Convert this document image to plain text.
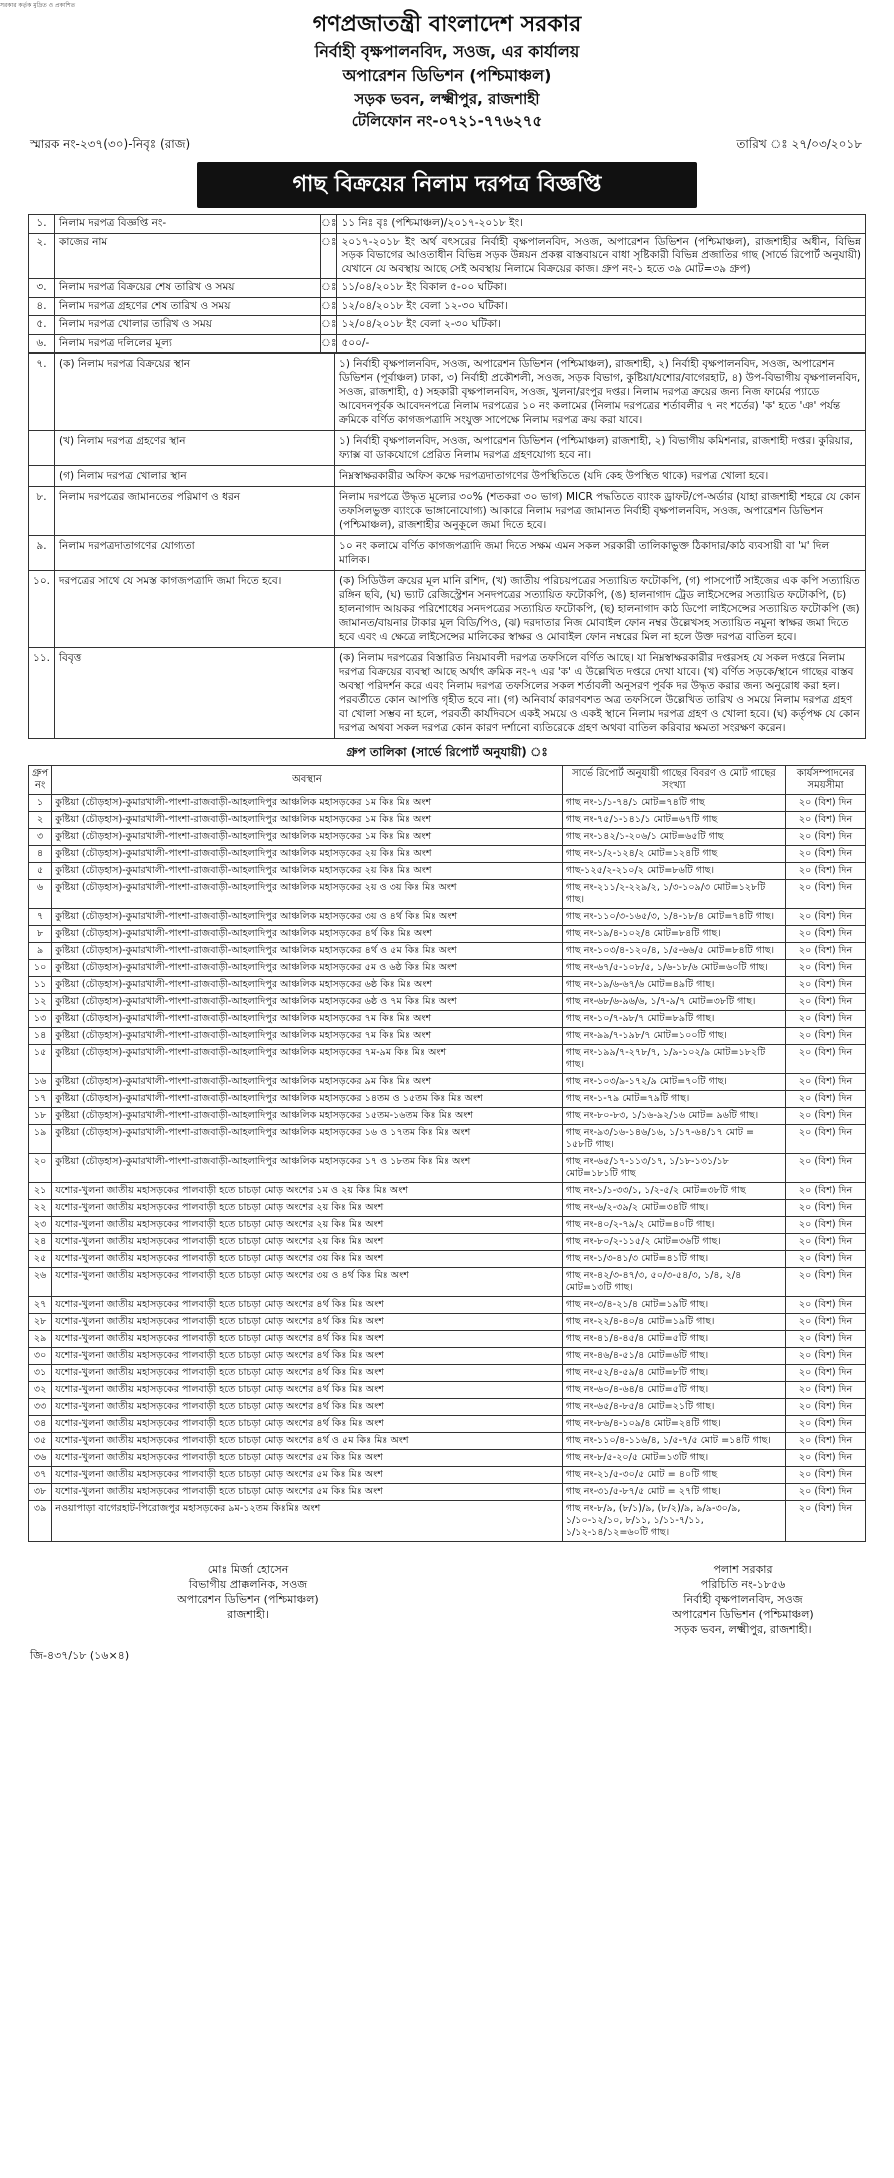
সরকার কর্তৃক মুদ্রিত ও প্রকাশিত
গণপ্রজাতন্ত্রী বাংলাদেশ সরকার
নির্বাহী বৃক্ষপালনবিদ, সওজ, এর কার্যালয়
অপারেশন ডিভিশন (পশ্চিমাঞ্চল)
সড়ক ভবন, লক্ষ্মীপুর, রাজশাহী
টেলিফোন নং-০৭২১-৭৭৬২৭৫
স্মারক নং-২৩৭(৩০)-নিবৃঃ (রাজ)	তারিখ ঃ ২৭/০৩/২০১৮
গাছ বিক্রয়ের নিলাম দরপত্র বিজ্ঞপ্তি
১.	নিলাম দরপত্র বিজ্ঞপ্তি নং-	ঃ	১১ নিঃ বৃঃ (পশ্চিমাঞ্চল)/২০১৭-২০১৮ ইং।
২.	কাজের নাম	ঃ	২০১৭-২০১৮ ইং অর্থ বৎসরের নির্বাহী বৃক্ষপালনবিদ, সওজ, অপারেশন ডিভিশন (পশ্চিমাঞ্চল), রাজশাহীর অধীন, বিভিন্ন সড়ক বিভাগের আওতাধীন বিভিন্ন সড়ক উন্নয়ন প্রকল্প বাস্তবায়নে বাধা সৃষ্টিকারী বিভিন্ন প্রজাতির গাছ (সার্ভে রিপোর্ট অনুযায়ী) যেখানে যে অবস্থায় আছে সেই অবস্থায় নিলামে বিক্রয়ের কাজ। গ্রুপ নং-১ হতে ৩৯ মোট=৩৯ গ্রুপ)
৩.	নিলাম দরপত্র বিক্রয়ের শেষ তারিখ ও সময়	ঃ	১১/০৪/২০১৮ ইং বিকাল ৫-০০ ঘটিকা।
৪.	নিলাম দরপত্র গ্রহণের শেষ তারিখ ও সময়	ঃ	১২/০৪/২০১৮ ইং বেলা ১২-৩০ ঘটিকা।
৫.	নিলাম দরপত্র খোলার তারিখ ও সময়	ঃ	১২/০৪/২০১৮ ইং বেলা ২-৩০ ঘটিকা।
৬.	নিলাম দরপত্র দলিলের মূল্য	ঃ	৫০০/-
৭.	(ক) নিলাম দরপত্র বিক্রয়ের স্থান	১) নির্বাহী বৃক্ষপালনবিদ, সওজ, অপারেশন ডিভিশন (পশ্চিমাঞ্চল), রাজশাহী, ২) নির্বাহী বৃক্ষপালনবিদ, সওজ, অপারেশন ডিভিশন (পূর্বাঞ্চল) ঢাকা, ৩) নির্বাহী প্রকৌশলী, সওজ, সড়ক বিভাগ, কুষ্টিয়া/যশোর/বাগেরহাট, ৪) উপ-বিভাগীয় বৃক্ষপালনবিদ, সওজ, রাজশাহী, ৫) সহকারী বৃক্ষপালনবিদ, সওজ, খুলনা/রংপুর দপ্তর। নিলাম দরপত্র ক্রয়ের জন্য নিজ ফার্মের প্যাডে আবেদনপূর্বক আবেদনপত্রে নিলাম দরপত্রের ১০ নং কলামের (নিলাম দরপত্রের শর্তাবলীর ৭ নং শর্তের) 'ক' হতে 'ঞ' পর্যন্ত ক্রমিকে বর্ণিত কাগজপত্রাদি সংযুক্ত সাপেক্ষে নিলাম দরপত্র ক্রয় করা যাবে।
	(খ) নিলাম দরপত্র গ্রহণের স্থান	১) নির্বাহী বৃক্ষপালনবিদ, সওজ, অপারেশন ডিভিশন (পশ্চিমাঞ্চল) রাজশাহী, ২) বিভাগীয় কমিশনার, রাজশাহী দপ্তর। কুরিয়ার, ফ্যাক্স বা ডাকযোগে প্রেরিত নিলাম দরপত্র গ্রহণযোগ্য হবে না।
	(গ) নিলাম দরপত্র খোলার স্থান	নিম্নস্বাক্ষরকারীর অফিস কক্ষে দরপত্রদাতাগণের উপস্থিতিতে (যদি কেহ উপস্থিত থাকে) দরপত্র খোলা হবে।
৮.	নিলাম দরপত্রের জামানতের পরিমাণ ও ধরন	নিলাম দরপত্রে উদ্ধৃত মূল্যের ৩০% (শতকরা ৩০ ভাগ) MICR পদ্ধতিতে ব্যাংক ড্রাফট/পে-অর্ডার (যাহা রাজশাহী শহরে যে কোন তফসিলভুক্ত ব্যাংকে ভাঙ্গানোযোগ্য) আকারে নিলাম দরপত্র জামানত নির্বাহী বৃক্ষপালনবিদ, সওজ, অপারেশন ডিভিশন (পশ্চিমাঞ্চল), রাজশাহীর অনুকূলে জমা দিতে হবে।
৯.	নিলাম দরপত্রদাতাগণের যোগ্যতা	১০ নং কলামে বর্ণিত কাগজপত্রাদি জমা দিতে সক্ষম এমন সকল সরকারী তালিকাভুক্ত ঠিকাদার/কাঠ ব্যবসায়ী বা 'ম' দিল মালিক।
১০.	দরপত্রের সাথে যে সমস্ত কাগজপত্রাদি জমা দিতে হবে।	(ক) সিডিউল ক্রয়ের মূল মানি রশিদ, (খ) জাতীয় পরিচয়পত্রের সত্যায়িত ফটোকপি, (গ) পাসপোর্ট সাইজের এক কপি সত্যায়িত রঙ্গিন ছবি, (ঘ) ভ্যাট রেজিস্ট্রেশন সনদপত্রের সত্যায়িত ফটোকপি, (ঙ) হালনাগাদ ট্রেড লাইসেন্সের সত্যায়িত ফটোকপি, (চ) হালনাগাদ আয়কর পরিশোধের সনদপত্রের সত্যায়িত ফটোকপি, (ছ) হালনাগাদ কাঠ ডিপো লাইসেন্সের সত্যায়িত ফটোকপি (জ) জামানত/বায়নার টাকার মূল বিডি/পিও, (ঝ) দরদাতার নিজ মোবাইল ফোন নম্বর উল্লেখসহ সত্যায়িত নমুনা স্বাক্ষর জমা দিতে হবে এবং এ ক্ষেত্রে লাইসেন্সের মালিকের স্বাক্ষর ও মোবাইল ফোন নম্বরের মিল না হলে উক্ত দরপত্র বাতিল হবে।
১১.	বিবৃত্ত	(ক) নিলাম দরপত্রের বিস্তারিত নিয়মাবলী দরপত্র তফসিলে বর্ণিত আছে। যা নিম্নস্বাক্ষরকারীর দপ্তরসহ যে সকল দপ্তরে নিলাম দরপত্র বিক্রয়ের ব্যবস্থা আছে অর্থাৎ ক্রমিক নং-৭ এর 'ক' এ উল্লেখিত দপ্তরে দেখা যাবে। (খ) বর্ণিত সড়কে/স্থানে গাছের বাস্তব অবস্থা পরিদর্শন করে এবং নিলাম দরপত্র তফসিলের সকল শর্তাবলী অনুসরণ পূর্বক দর উদ্ধৃত করার জন্য অনুরোধ করা হল। পরবর্তীতে কোন আপত্তি গৃহীত হবে না। (গ) অনিবার্য কারণবশত অত্র তফসিলে উল্লেখিত তারিখ ও সময়ে নিলাম দরপত্র গ্রহণ বা খোলা সম্ভব না হলে, পরবর্তী কার্যদিবসে একই সময়ে ও একই স্থানে নিলাম দরপত্র গ্রহণ ও খোলা হবে। (ঘ) কর্তৃপক্ষ যে কোন দরপত্র অথবা সকল দরপত্র কোন কারণ দর্শানো ব্যতিরেকে গ্রহণ অথবা বাতিল করিবার ক্ষমতা সংরক্ষণ করেন।
গ্রুপ তালিকা (সার্ভে রিপোর্ট অনুযায়ী) ঃ
গ্রুপ নং	অবস্থান	সার্ভে রিপোর্ট অনুযায়ী গাছের বিবরণ ও মোট গাছের সংখ্যা	কার্যসম্পাদনের সময়সীমা
১	কুষ্টিয়া (চৌড়হাস)-কুমারখালী-পাংশা-রাজবাড়ী-আহলাদিপুর আঞ্চলিক মহাসড়কের ১ম কিঃ মিঃ অংশ	গাছ নং-১/১-৭৪/১ মোট=৭৪টি গাছ	২০ (বিশ) দিন
২	কুষ্টিয়া (চৌড়হাস)-কুমারখালী-পাংশা-রাজবাড়ী-আহলাদিপুর আঞ্চলিক মহাসড়কের ১ম কিঃ মিঃ অংশ	গাছ নং-৭৫/১-১৪১/১ মোট=৬৭টি গাছ	২০ (বিশ) দিন
৩	কুষ্টিয়া (চৌড়হাস)-কুমারখালী-পাংশা-রাজবাড়ী-আহলাদিপুর আঞ্চলিক মহাসড়কের ১ম কিঃ মিঃ অংশ	গাছ নং-১৪২/১-২০৬/১ মোট=৬৫টি গাছ	২০ (বিশ) দিন
৪	কুষ্টিয়া (চৌড়হাস)-কুমারখালী-পাংশা-রাজবাড়ী-আহলাদিপুর আঞ্চলিক মহাসড়কের ২য় কিঃ মিঃ অংশ	গাছ নং-১/২-১২৪/২ মোট=১২৪টি গাছ	২০ (বিশ) দিন
৫	কুষ্টিয়া (চৌড়হাস)-কুমারখালী-পাংশা-রাজবাড়ী-আহলাদিপুর আঞ্চলিক মহাসড়কের ২য় কিঃ মিঃ অংশ	গাছ-১২৫/২-২১০/২ মোট=৮৬টি গাছ।	২০ (বিশ) দিন
৬	কুষ্টিয়া (চৌড়হাস)-কুমারখালী-পাংশা-রাজবাড়ী-আহলাদিপুর আঞ্চলিক মহাসড়কের ২য় ও ৩য় কিঃ মিঃ অংশ	গাছ নং-২১১/২-২২৯/২, ১/৩-১০৯/৩ মোট=১২৮টি গাছ।	২০ (বিশ) দিন
৭	কুষ্টিয়া (চৌড়হাস)-কুমারখালী-পাংশা-রাজবাড়ী-আহলাদিপুর আঞ্চলিক মহাসড়কের ৩য় ও ৪র্থ কিঃ মিঃ অংশ	গাছ নং-১১০/৩-১৬৫/৩, ১/৪-১৮/৪ মোট=৭৪টি গাছ।	২০ (বিশ) দিন
৮	কুষ্টিয়া (চৌড়হাস)-কুমারখালী-পাংশা-রাজবাড়ী-আহলাদিপুর আঞ্চলিক মহাসড়কের ৪র্থ কিঃ মিঃ অংশ	গাছ নং-১৯/৪-১০২/৪ মোট=৮৪টি গাছ।	২০ (বিশ) দিন
৯	কুষ্টিয়া (চৌড়হাস)-কুমারখালী-পাংশা-রাজবাড়ী-আহলাদিপুর আঞ্চলিক মহাসড়কের ৪র্থ ও ৫ম কিঃ মিঃ অংশ	গাছ নং-১০৩/৪-১২০/৪, ১/৫-৬৬/৫ মোট=৮৪টি গাছ।	২০ (বিশ) দিন
১০	কুষ্টিয়া (চৌড়হাস)-কুমারখালী-পাংশা-রাজবাড়ী-আহলাদিপুর আঞ্চলিক মহাসড়কের ৫ম ও ৬ষ্ঠ কিঃ মিঃ অংশ	গাছ নং-৬৭/৫-১০৮/৫, ১/৬-১৮/৬ মোট=৬০টি গাছ।	২০ (বিশ) দিন
১১	কুষ্টিয়া (চৌড়হাস)-কুমারখালী-পাংশা-রাজবাড়ী-আহলাদিপুর আঞ্চলিক মহাসড়কের ৬ষ্ঠ কিঃ মিঃ অংশ	গাছ নং-১৯/৬-৬৭/৬ মোট=৪৯টি গাছ।	২০ (বিশ) দিন
১২	কুষ্টিয়া (চৌড়হাস)-কুমারখালী-পাংশা-রাজবাড়ী-আহলাদিপুর আঞ্চলিক মহাসড়কের ৬ষ্ঠ ও ৭ম কিঃ মিঃ অংশ	গাছ নং-৬৮/৬-৯৬/৬, ১/৭-৯/৭ মোট=৩৮টি গাছ।	২০ (বিশ) দিন
১৩	কুষ্টিয়া (চৌড়হাস)-কুমারখালী-পাংশা-রাজবাড়ী-আহলাদিপুর আঞ্চলিক মহাসড়কের ৭ম কিঃ মিঃ অংশ	গাছ নং-১০/৭-৯৮/৭ মোট=৮৯টি গাছ।	২০ (বিশ) দিন
১৪	কুষ্টিয়া (চৌড়হাস)-কুমারখালী-পাংশা-রাজবাড়ী-আহলাদিপুর আঞ্চলিক মহাসড়কের ৭ম কিঃ মিঃ অংশ	গাছ নং-৯৯/৭-১৯৮/৭ মোট=১০০টি গাছ।	২০ (বিশ) দিন
১৫	কুষ্টিয়া (চৌড়হাস)-কুমারখালী-পাংশা-রাজবাড়ী-আহলাদিপুর আঞ্চলিক মহাসড়কের ৭ম-৯ম কিঃ মিঃ অংশ	গাছ নং-১৯৯/৭-২৭৮/৭, ১/৯-১০২/৯ মোট=১৮২টি গাছ।	২০ (বিশ) দিন
১৬	কুষ্টিয়া (চৌড়হাস)-কুমারখালী-পাংশা-রাজবাড়ী-আহলাদিপুর আঞ্চলিক মহাসড়কের ৯ম কিঃ মিঃ অংশ	গাছ নং-১০৩/৯-১৭২/৯ মোট=৭০টি গাছ।	২০ (বিশ) দিন
১৭	কুষ্টিয়া (চৌড়হাস)-কুমারখালী-পাংশা-রাজবাড়ী-আহলাদিপুর আঞ্চলিক মহাসড়কের ১৪তম ও ১৫তম কিঃ মিঃ অংশ	গাছ নং-১-৭৯ মোট=৭৯টি গাছ।	২০ (বিশ) দিন
১৮	কুষ্টিয়া (চৌড়হাস)-কুমারখালী-পাংশা-রাজবাড়ী-আহলাদিপুর আঞ্চলিক মহাসড়কের ১৫তম-১৬তম কিঃ মিঃ অংশ	গাছ নং-৮০-৮৩, ১/১৬-৯২/১৬ মোট= ৯৬টি গাছ।	২০ (বিশ) দিন
১৯	কুষ্টিয়া (চৌড়হাস)-কুমারখালী-পাংশা-রাজবাড়ী-আহলাদিপুর আঞ্চলিক মহাসড়কের ১৬ ও ১৭তম কিঃ মিঃ অংশ	গাছ নং-৯৩/১৬-১৪৬/১৬, ১/১৭-৬৪/১৭ মোট = ১৫৮টি গাছ।	২০ (বিশ) দিন
২০	কুষ্টিয়া (চৌড়হাস)-কুমারখালী-পাংশা-রাজবাড়ী-আহলাদিপুর আঞ্চলিক মহাসড়কের ১৭ ও ১৮তম কিঃ মিঃ অংশ	গাছ নং-৬৫/১৭-১১৩/১৭, ১/১৮-১৩১/১৮ মোট=১৮১টি গাছ	২০ (বিশ) দিন
২১	যশোর-খুলনা জাতীয় মহাসড়কের পালবাড়ী হতে চাচড়া মোড় অংশের ১ম ও ২য় কিঃ মিঃ অংশ	গাছ নং-১/১-৩৩/১, ১/২-৫/২ মোট=৩৮টি গাছ	২০ (বিশ) দিন
২২	যশোর-খুলনা জাতীয় মহাসড়কের পালবাড়ী হতে চাচড়া মোড় অংশের ২য় কিঃ মিঃ অংশ	গাছ নং-৬/২-৩৯/২ মোট=৩৪টি গাছ।	২০ (বিশ) দিন
২৩	যশোর-খুলনা জাতীয় মহাসড়কের পালবাড়ী হতে চাচড়া মোড় অংশের ২য় কিঃ মিঃ অংশ	গাছ নং-৪০/২-৭৯/২ মোট=৪০টি গাছ।	২০ (বিশ) দিন
২৪	যশোর-খুলনা জাতীয় মহাসড়কের পালবাড়ী হতে চাচড়া মোড় অংশের ২য় কিঃ মিঃ অংশ	গাছ নং-৮০/২-১১৫/২ মোট=৩৬টি গাছ।	২০ (বিশ) দিন
২৫	যশোর-খুলনা জাতীয় মহাসড়কের পালবাড়ী হতে চাচড়া মোড় অংশের ৩য় কিঃ মিঃ অংশ	গাছ নং-১/৩-৪১/৩ মোট=৪১টি গাছ।	২০ (বিশ) দিন
২৬	যশোর-খুলনা জাতীয় মহাসড়কের পালবাড়ী হতে চাচড়া মোড় অংশের ৩য় ও ৪র্থ কিঃ মিঃ অংশ	গাছ নং-৪২/৩-৪৭/৩, ৫০/৩-৫৪/৩, ১/৪, ২/৪ মোট=১৩টি গাছ।	২০ (বিশ) দিন
২৭	যশোর-খুলনা জাতীয় মহাসড়কের পালবাড়ী হতে চাচড়া মোড় অংশের ৪র্থ কিঃ মিঃ অংশ	গাছ নং-৩/৪-২১/৪ মোট=১৯টি গাছ।	২০ (বিশ) দিন
২৮	যশোর-খুলনা জাতীয় মহাসড়কের পালবাড়ী হতে চাচড়া মোড় অংশের ৪র্থ কিঃ মিঃ অংশ	গাছ নং-২২/৪-৪০/৪ মোট=১৯টি গাছ।	২০ (বিশ) দিন
২৯	যশোর-খুলনা জাতীয় মহাসড়কের পালবাড়ী হতে চাচড়া মোড় অংশের ৪র্থ কিঃ মিঃ অংশ	গাছ নং-৪১/৪-৪৫/৪ মোট=৫টি গাছ।	২০ (বিশ) দিন
৩০	যশোর-খুলনা জাতীয় মহাসড়কের পালবাড়ী হতে চাচড়া মোড় অংশের ৪র্থ কিঃ মিঃ অংশ	গাছ নং-৪৬/৪-৫১/৪ মোট=৬টি গাছ।	২০ (বিশ) দিন
৩১	যশোর-খুলনা জাতীয় মহাসড়কের পালবাড়ী হতে চাচড়া মোড় অংশের ৪র্থ কিঃ মিঃ অংশ	গাছ নং-৫২/৪-৫৯/৪ মোট=৮টি গাছ।	২০ (বিশ) দিন
৩২	যশোর-খুলনা জাতীয় মহাসড়কের পালবাড়ী হতে চাচড়া মোড় অংশের ৪র্থ কিঃ মিঃ অংশ	গাছ নং-৬০/৪-৬৪/৪ মোট=৫টি গাছ।	২০ (বিশ) দিন
৩৩	যশোর-খুলনা জাতীয় মহাসড়কের পালবাড়ী হতে চাচড়া মোড় অংশের ৪র্থ কিঃ মিঃ অংশ	গাছ নং-৬৫/৪-৮৫/৪ মোট=২১টি গাছ।	২০ (বিশ) দিন
৩৪	যশোর-খুলনা জাতীয় মহাসড়কের পালবাড়ী হতে চাচড়া মোড় অংশের ৪র্থ কিঃ মিঃ অংশ	গাছ নং-৮৬/৪-১০৯/৪ মোট=২৪টি গাছ।	২০ (বিশ) দিন
৩৫	যশোর-খুলনা জাতীয় মহাসড়কের পালবাড়ী হতে চাচড়া মোড় অংশের ৪র্থ ও ৫ম কিঃ মিঃ অংশ	গাছ নং-১১০/৪-১১৬/৪, ১/৫-৭/৫ মোট =১৪টি গাছ।	২০ (বিশ) দিন
৩৬	যশোর-খুলনা জাতীয় মহাসড়কের পালবাড়ী হতে চাচড়া মোড় অংশের ৫ম কিঃ মিঃ অংশ	গাছ নং-৮/৫-২০/৫ মোট=১৩টি গাছ।	২০ (বিশ) দিন
৩৭	যশোর-খুলনা জাতীয় মহাসড়কের পালবাড়ী হতে চাচড়া মোড় অংশের ৫ম কিঃ মিঃ অংশ	গাছ নং-২১/৫-৩০/৫ মোট = ৪০টি গাছ	২০ (বিশ) দিন
৩৮	যশোর-খুলনা জাতীয় মহাসড়কের পালবাড়ী হতে চাচড়া মোড় অংশের ৫ম কিঃ মিঃ অংশ	গাছ নং-৩১/৫-৮৭/৫ মোট = ২৭টি গাছ।	২০ (বিশ) দিন
৩৯	নওয়াপাড়া বাগেরহাট-পিরোজপুর মহাসড়কের ৯ম-১২তম কিঃমিঃ অংশ	গাছ নং-৮/৯, (৮/১)/৯, (৮/২)/৯, ৯/৯-৩০/৯, ১/১০-১২/১০, ৮/১১, ১/১১-৭/১১, ১/১২-১৪/১২=৬০টি গাছ।	২০ (বিশ) দিন
মোঃ মির্জা হোসেন
বিভাগীয় প্রাক্কলনিক, সওজ
অপারেশন ডিভিশন (পশ্চিমাঞ্চল)
রাজশাহী।
পলাশ সরকার
পরিচিতি নং-১৮৫৬
নির্বাহী বৃক্ষপালনবিদ, সওজ
অপারেশন ডিভিশন (পশ্চিমাঞ্চল)
সড়ক ভবন, লক্ষ্মীপুর, রাজশাহী।
জি-৪৩৭/১৮ (১৬×৪)
